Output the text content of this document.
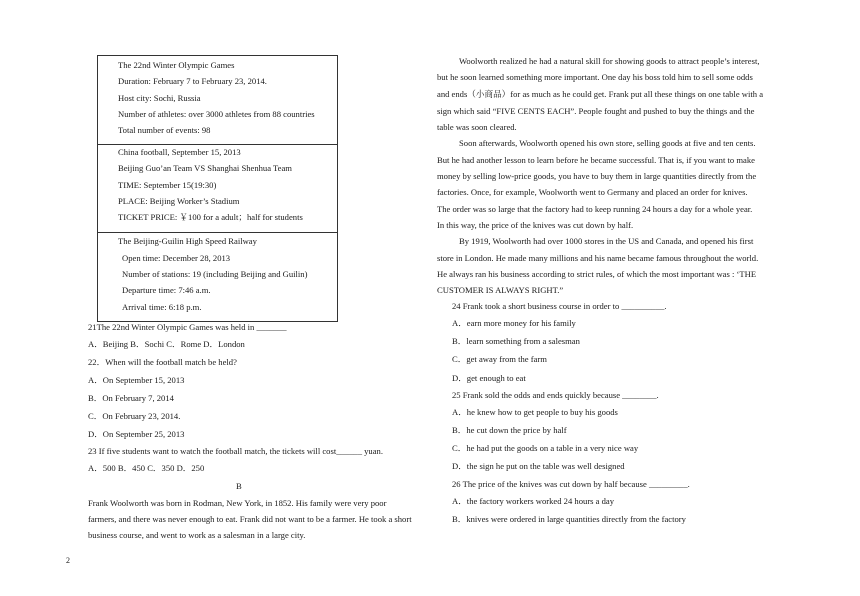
The 22nd Winter Olympic Games
Duration: February 7 to February 23, 2014.
Host city: Sochi, Russia
Number of athletes: over 3000 athletes from 88 countries
Total number of events: 98
China football, September 15, 2013
Beijing Guo’an Team VS Shanghai Shenhua Team
TIME: September 15(19:30)
PLACE: Beijing Worker’s Stadium
TICKET PRICE: ￥100 for a adult；half for students
The Beijing-Guilin High Speed Railway
Open time: December 28, 2013
Number of stations: 19 (including Beijing and Guilin)
Departure time: 7:46 a.m.
Arrival time: 6:18 p.m.
21The 22nd Winter Olympic Games was held in _______
A．Beijing B．Sochi C．Rome D．London
22．When will the football match be held?
A．On September 15, 2013
B．On February 7, 2014
C．On February 23, 2014.
D．On September 25, 2013
23 If five students want to watch the football match, the tickets will cost______ yuan.
A．500 B．450 C．350 D．250
B
Frank Woolworth was born in Rodman, New York, in 1852. His family were very poor
farmers, and there was never enough to eat. Frank did not want to be a farmer. He took a short
business course, and went to work as a salesman in a large city.
2
Woolworth realized he had a natural skill for showing goods to attract people’s interest,
but he soon learned something more important. One day his boss told him to sell some odds
and ends（小商品）for as much as he could get. Frank put all these things on one table with a
sign which said “FIVE CENTS EACH”. People fought and pushed to buy the things and the
table was soon cleared.
Soon afterwards, Woolworth opened his own store, selling goods at five and ten cents.
But he had another lesson to learn before he became successful. That is, if you want to make
money by selling low-price goods, you have to buy them in large quantities directly from the
factories. Once, for example, Woolworth went to Germany and placed an order for knives.
The order was so large that the factory had to keep running 24 hours a day for a whole year.
In this way, the price of the knives was cut down by half.
By 1919, Woolworth had over 1000 stores in the US and Canada, and opened his first
store in London. He made many millions and his name became famous throughout the world.
He always ran his business according to strict rules, of which the most important was : ‘THE
CUSTOMER IS ALWAYS RIGHT.”
24 Frank took a short business course in order to __________.
A．earn more money for his family
B．learn something from a salesman
C．get away from the farm
D．get enough to eat
25 Frank sold the odds and ends quickly because ________.
A．he knew how to get people to buy his goods
B．he cut down the price by half
C．he had put the goods on a table in a very nice way
D．the sign he put on the table was well designed
26 The price of the knives was cut down by half because _________.
A．the factory workers worked 24 hours a day
B．knives were ordered in large quantities directly from the factory
